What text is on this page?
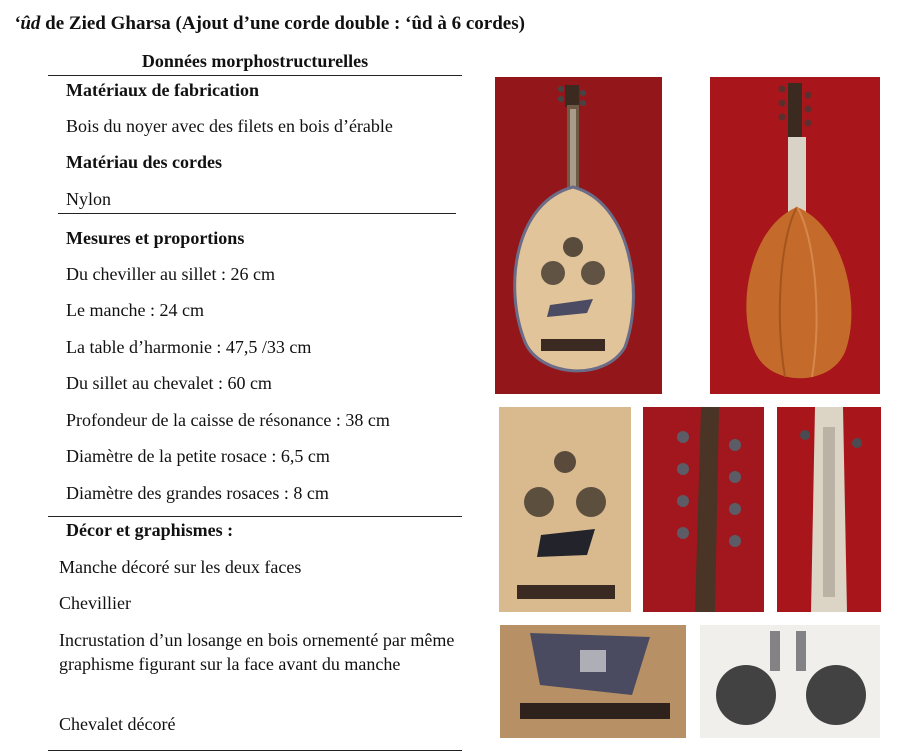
‘ûd de Zied Gharsa (Ajout d’une corde double : ‘ûd à 6 cordes)
Données morphostructurelles
Matériaux de fabrication
Bois du noyer avec des filets en bois d’érable
Matériau des cordes
Nylon
Mesures et proportions
Du cheviller au sillet : 26 cm
Le manche : 24 cm
La table d’harmonie : 47,5 /33 cm
Du sillet au chevalet : 60 cm
Profondeur de la caisse de résonance : 38 cm
Diamètre de la petite rosace : 6,5 cm
Diamètre des grandes rosaces : 8 cm
Décor et graphismes :
Manche décoré sur les deux faces
Chevillier
Incrustation d’un losange en bois ornementé par même graphisme figurant sur la face avant du manche
Chevalet décoré
